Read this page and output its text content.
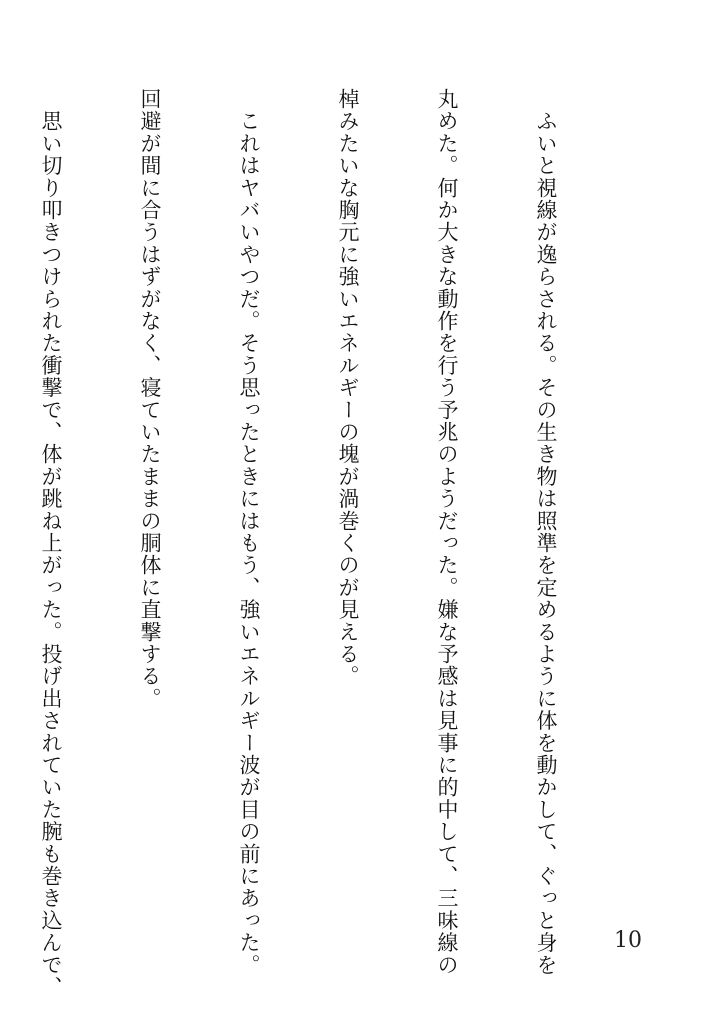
　ふいと視線が逸らされる。その生き物は照準を定めるように体を動かして、ぐっと身を

丸めた。何か大きな動作を行う予兆のようだった。嫌な予感は見事に的中して、三味線の

棹みたいな胸元に強いエネルギーの塊が渦巻くのが見える。

　これはヤバいやつだ。そう思ったときにはもう、強いエネルギー波が目の前にあった。

回避が間に合うはずがなく、寝ていたままの胴体に直撃する。

　思い切り叩きつけられた衝撃で、体が跳ね上がった。投げ出されていた腕も巻き込んで、

	10
